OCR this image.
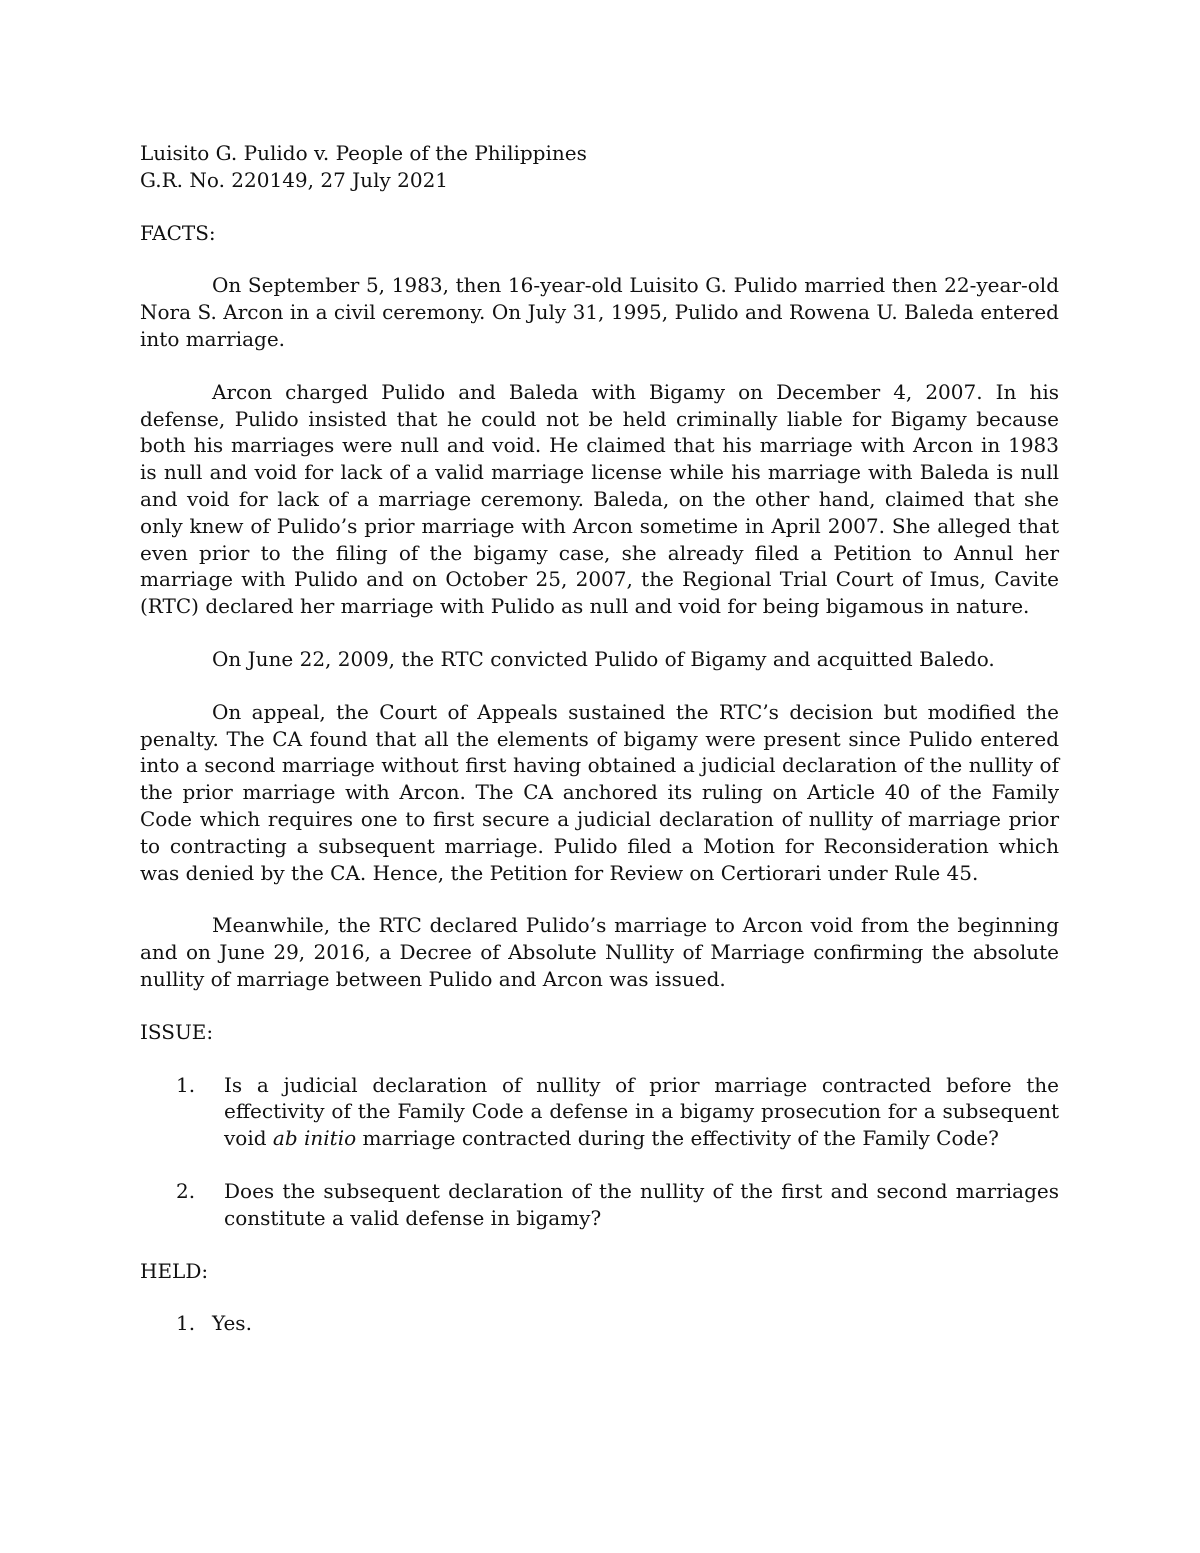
Luisito G. Pulido v. People of the Philippines
G.R. No. 220149, 27 July 2021
FACTS:

On September 5, 1983, then 16-year-old Luisito G. Pulido married then 22-year-old Nora S. Arcon in a civil ceremony. On July 31, 1995, Pulido and Rowena U. Baleda entered into marriage.

Arcon charged Pulido and Baleda with Bigamy on December 4, 2007. In his defense, Pulido insisted that he could not be held criminally liable for Bigamy because both his marriages were null and void. He claimed that his marriage with Arcon in 1983 is null and void for lack of a valid marriage license while his marriage with Baleda is null and void for lack of a marriage ceremony. Baleda, on the other hand, claimed that she only knew of Pulido’s prior marriage with Arcon sometime in April 2007. She alleged that even prior to the filing of the bigamy case, she already filed a Petition to Annul her marriage with Pulido and on October 25, 2007, the Regional Trial Court of Imus, Cavite (RTC) declared her marriage with Pulido as null and void for being bigamous in nature.

On June 22, 2009, the RTC convicted Pulido of Bigamy and acquitted Baledo.

On appeal, the Court of Appeals sustained the RTC’s decision but modified the penalty. The CA found that all the elements of bigamy were present since Pulido entered into a second marriage without first having obtained a judicial declaration of the nullity of the prior marriage with Arcon. The CA anchored its ruling on Article 40 of the Family Code which requires one to first secure a judicial declaration of nullity of marriage prior to contracting a subsequent marriage. Pulido filed a Motion for Reconsideration which was denied by the CA. Hence, the Petition for Review on Certiorari under Rule 45.

Meanwhile, the RTC declared Pulido’s marriage to Arcon void from the beginning and on June 29, 2016, a Decree of Absolute Nullity of Marriage confirming the absolute nullity of marriage between Pulido and Arcon was issued.

ISSUE:
1. Is a judicial declaration of nullity of prior marriage contracted before the effectivity of the Family Code a defense in a bigamy prosecution for a subsequent void ab initio marriage contracted during the effectivity of the Family Code?
2. Does the subsequent declaration of the nullity of the first and second marriages constitute a valid defense in bigamy?
HELD:
1. Yes.
